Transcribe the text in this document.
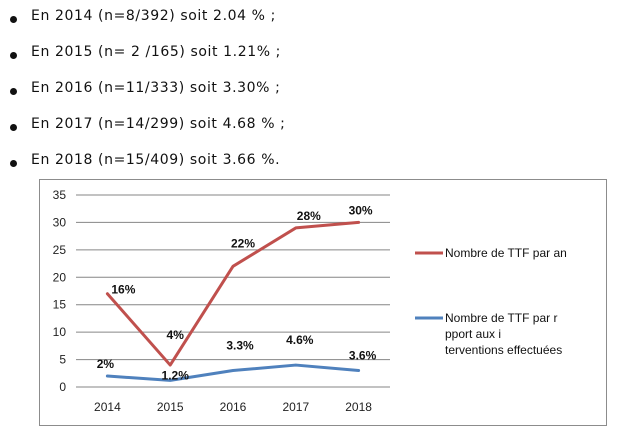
En 2014 (n=8/392) soit 2.04 % ;
En 2015 (n= 2 /165) soit 1.21% ;
En 2016 (n=11/333) soit 3.30% ;
En 2017 (n=14/299) soit 4.68 % ;
En 2018 (n=15/409) soit 3.66 %.
0
5
10
15
20
25
30
35
2014	2015	2016	2017	2018
16%
4%
22%
28% 30%
2%
1.2%
3.3%	4.6%
3.6%
Nombre de TTF par an
Nombre de TTF par r pport aux i terventions effectuées
